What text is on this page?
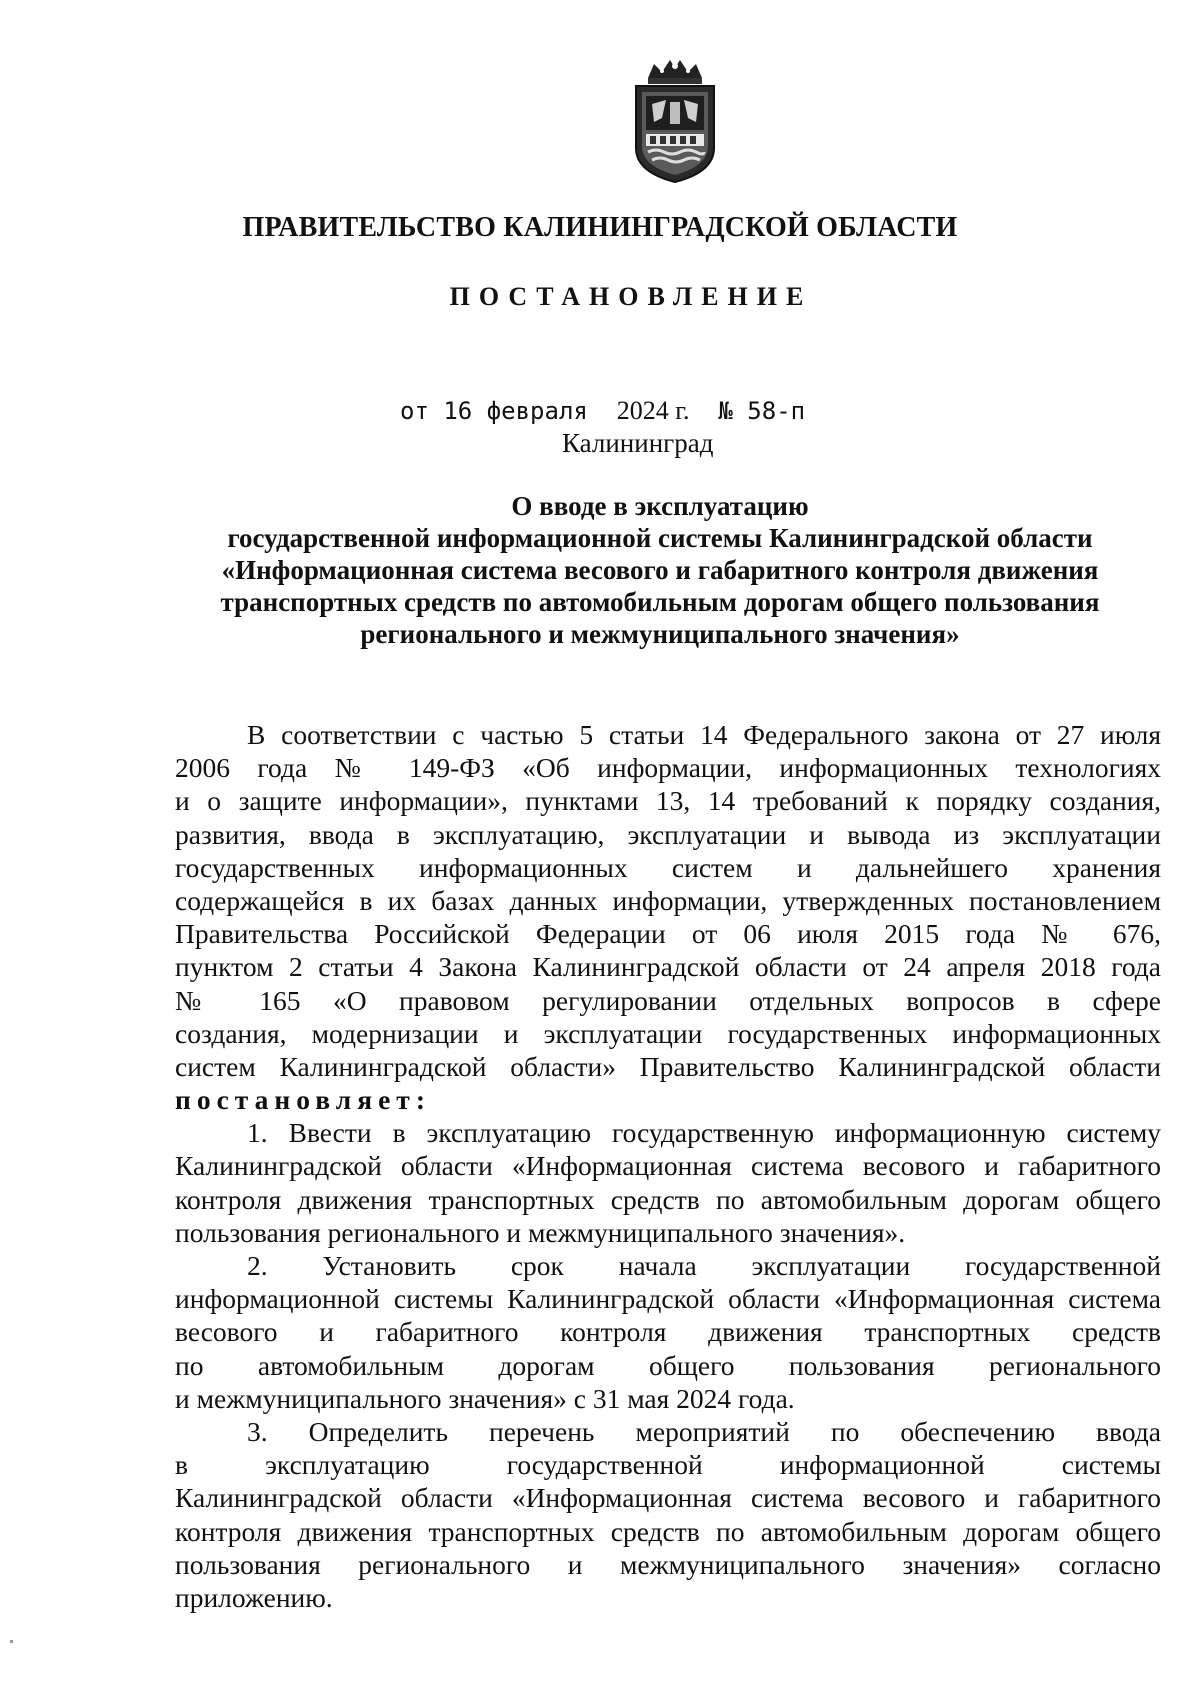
ПРАВИТЕЛЬСТВО КАЛИНИНГРАДСКОЙ ОБЛАСТИ
ПОСТАНОВЛЕНИЕ
от 16 февраля 2024 г. № 58-п
Калининград
О вводе в эксплуатацию
государственной информационной системы Калининградской области
«Информационная система весового и габаритного контроля движения
транспортных средств по автомобильным дорогам общего пользования
регионального и межмуниципального значения»
В соответствии с частью 5 статьи 14 Федерального закона от 27 июля
2006 года № 149-ФЗ «Об информации, информационных технологиях
и о защите информации», пунктами 13, 14 требований к порядку создания,
развития, ввода в эксплуатацию, эксплуатации и вывода из эксплуатации
государственных информационных систем и дальнейшего хранения
содержащейся в их базах данных информации, утвержденных постановлением
Правительства Российской Федерации от 06 июля 2015 года № 676,
пунктом 2 статьи 4 Закона Калининградской области от 24 апреля 2018 года
№ 165 «О правовом регулировании отдельных вопросов в сфере
создания, модернизации и эксплуатации государственных информационных
систем Калининградской области» Правительство Калининградской области
постановляет:
1. Ввести в эксплуатацию государственную информационную систему
Калининградской области «Информационная система весового и габаритного
контроля движения транспортных средств по автомобильным дорогам общего
пользования регионального и межмуниципального значения».
2. Установить срок начала эксплуатации государственной
информационной системы Калининградской области «Информационная система
весового и габаритного контроля движения транспортных средств
по автомобильным дорогам общего пользования регионального
и межмуниципального значения» с 31 мая 2024 года.
3. Определить перечень мероприятий по обеспечению ввода
в эксплуатацию государственной информационной системы
Калининградской области «Информационная система весового и габаритного
контроля движения транспортных средств по автомобильным дорогам общего
пользования регионального и межмуниципального значения» согласно
приложению.
